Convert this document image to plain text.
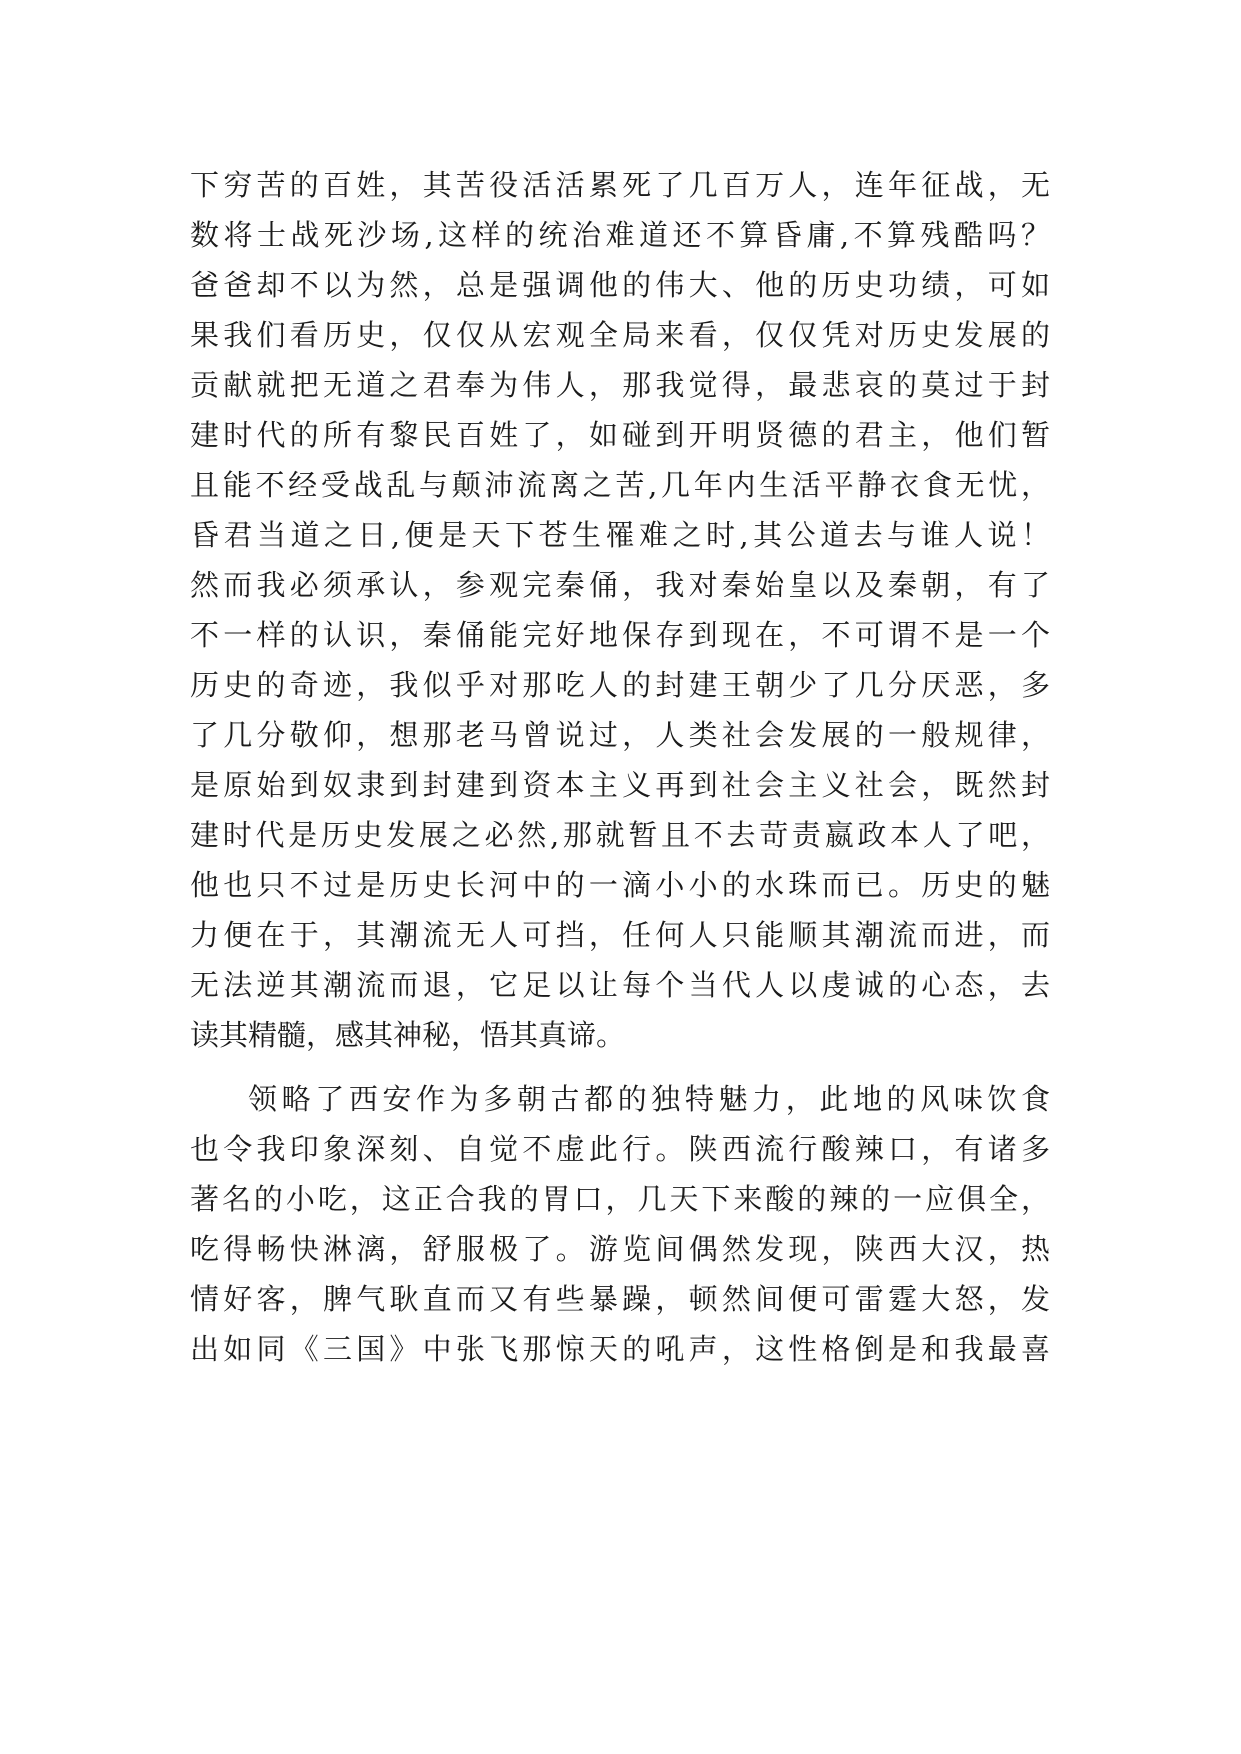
下穷苦的百姓，其苦役活活累死了几百万人，连年征战，无
数将士战死沙场,这样的统治难道还不算昏庸,不算残酷吗？
爸爸却不以为然，总是强调他的伟大、他的历史功绩，可如
果我们看历史，仅仅从宏观全局来看，仅仅凭对历史发展的
贡献就把无道之君奉为伟人，那我觉得，最悲哀的莫过于封
建时代的所有黎民百姓了，如碰到开明贤德的君主，他们暂
且能不经受战乱与颠沛流离之苦,几年内生活平静衣食无忧，
昏君当道之日,便是天下苍生罹难之时,其公道去与谁人说！
然而我必须承认，参观完秦俑，我对秦始皇以及秦朝，有了
不一样的认识，秦俑能完好地保存到现在，不可谓不是一个
历史的奇迹，我似乎对那吃人的封建王朝少了几分厌恶，多
了几分敬仰，想那老马曾说过，人类社会发展的一般规律，
是原始到奴隶到封建到资本主义再到社会主义社会，既然封
建时代是历史发展之必然,那就暂且不去苛责嬴政本人了吧，
他也只不过是历史长河中的一滴小小的水珠而已。历史的魅
力便在于，其潮流无人可挡，任何人只能顺其潮流而进，而
无法逆其潮流而退，它足以让每个当代人以虔诚的心态，去
读其精髓，感其神秘，悟其真谛。
领略了西安作为多朝古都的独特魅力，此地的风味饮食
也令我印象深刻、自觉不虚此行。陕西流行酸辣口，有诸多
著名的小吃，这正合我的胃口，几天下来酸的辣的一应俱全，
吃得畅快淋漓，舒服极了。游览间偶然发现，陕西大汉，热
情好客，脾气耿直而又有些暴躁，顿然间便可雷霆大怒，发
出如同《三国》中张飞那惊天的吼声，这性格倒是和我最喜
